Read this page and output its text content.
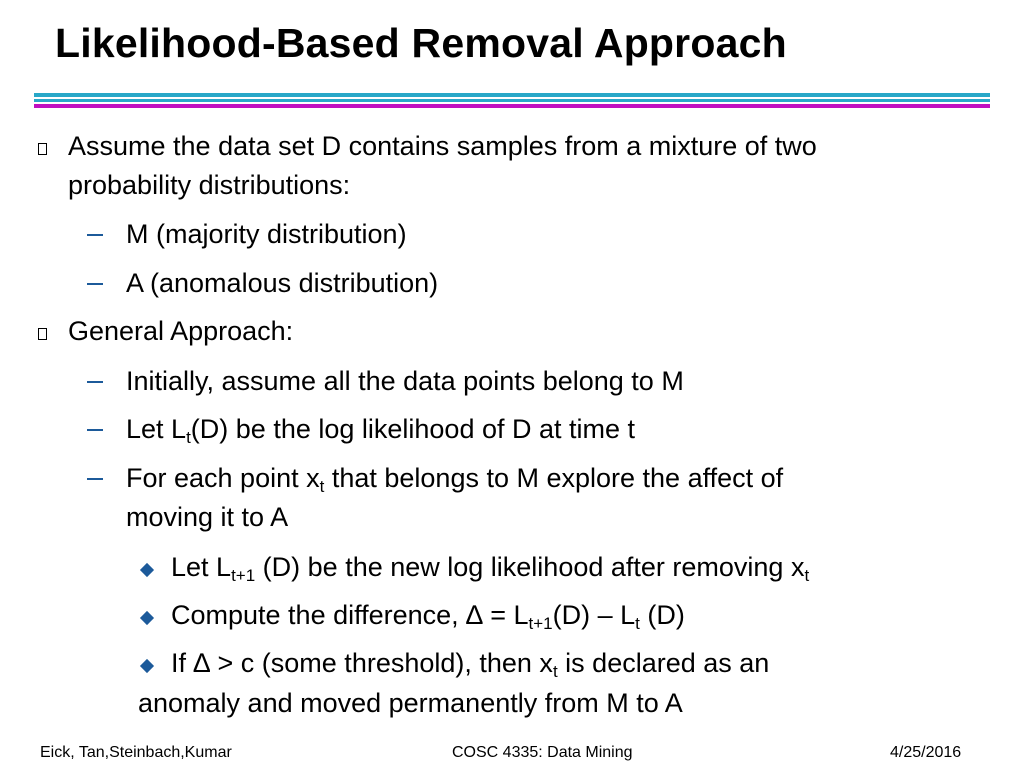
Likelihood-Based Removal Approach
Assume the data set D contains samples from a mixture of two
probability distributions:
M (majority distribution)
A (anomalous distribution)
General Approach:
Initially, assume all the data points belong to M
Let $L_t(D)$ be the log likelihood of D at time t
For each point $x_t$ that belongs to M explore the affect of
moving it to A
Let $L_{t+1}$ (D) be the new log likelihood after removing $x_t$
Compute the difference, ∆ = $L_{t+1}(D) - L_t$ (D)
If ∆ > c (some threshold), then $x_t$ is declared as an
anomaly and moved permanently from M to A
Eick, Tan,Steinbach,Kumar	COSC 4335: Data Mining	4/25/2016
